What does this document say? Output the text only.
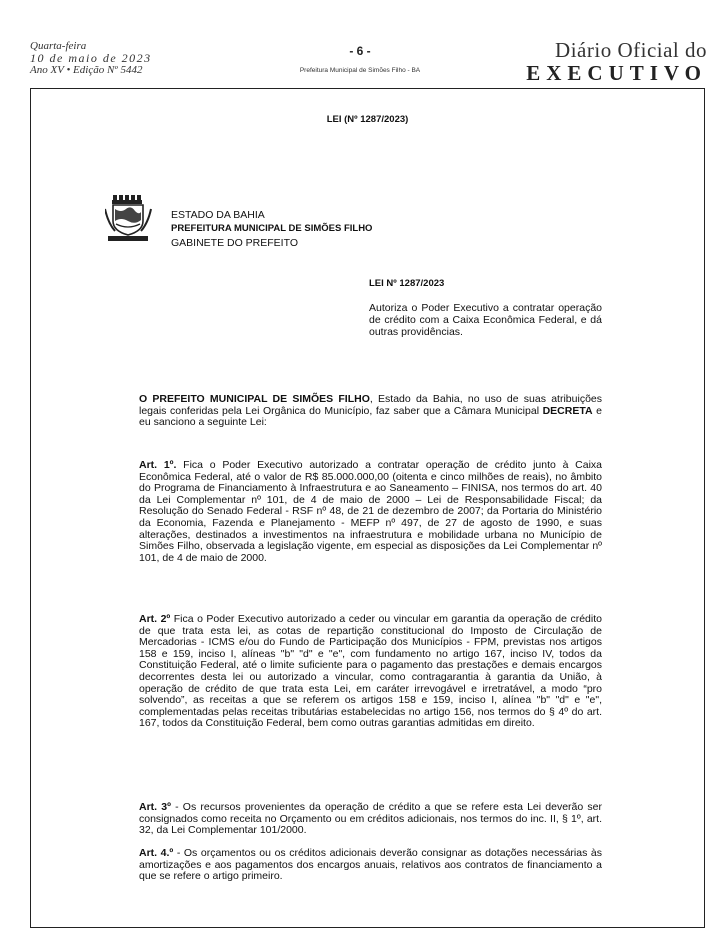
Quarta-feira
10 de maio de 2023
Ano XV • Edição Nº 5442
- 6 -
Prefeitura Municipal de Simões Filho - BA
Diário Oficial do
EXECUTIVO
LEI (Nº 1287/2023)
ESTADO DA BAHIA
PREFEITURA MUNICIPAL DE SIMÕES FILHO
GABINETE DO PREFEITO
LEI Nº 1287/2023
Autoriza o Poder Executivo a contratar operação de crédito com a Caixa Econômica Federal, e dá outras providências.

O PREFEITO MUNICIPAL DE SIMÕES FILHO, Estado da Bahia, no uso de suas atribuições legais conferidas pela Lei Orgânica do Município, faz saber que a Câmara Municipal DECRETA e eu sanciono a seguinte Lei:

Art. 1º. Fica o Poder Executivo autorizado a contratar operação de crédito junto à Caixa Econômica Federal, até o valor de R$ 85.000.000,00 (oitenta e cinco milhões de reais), no âmbito do Programa de Financiamento à Infraestrutura e ao Saneamento – FINISA, nos termos do art. 40 da Lei Complementar nº 101, de 4 de maio de 2000 – Lei de Responsabilidade Fiscal; da Resolução do Senado Federal - RSF nº 48, de 21 de dezembro de 2007; da Portaria do Ministério da Economia, Fazenda e Planejamento - MEFP nº 497, de 27 de agosto de 1990, e suas alterações, destinados a investimentos na infraestrutura e mobilidade urbana no Município de Simões Filho, observada a legislação vigente, em especial as disposições da Lei Complementar nº 101, de 4 de maio de 2000.

Art. 2º Fica o Poder Executivo autorizado a ceder ou vincular em garantia da operação de crédito de que trata esta lei, as cotas de repartição constitucional do Imposto de Circulação de Mercadorias - ICMS e/ou do Fundo de Participação dos Municípios - FPM, previstas nos artigos 158 e 159, inciso I, alíneas "b" "d" e "e", com fundamento no artigo 167, inciso IV, todos da Constituição Federal, até o limite suficiente para o pagamento das prestações e demais encargos decorrentes desta lei ou autorizado a vincular, como contragarantia à garantia da União, à operação de crédito de que trata esta Lei, em caráter irrevogável e irretratável, a modo “pro solvendo”, as receitas a que se referem os artigos 158 e 159, inciso I, alínea "b" "d" e "e", complementadas pelas receitas tributárias estabelecidas no artigo 156, nos termos do § 4º do art. 167, todos da Constituição Federal, bem como outras garantias admitidas em direito.

Art. 3º - Os recursos provenientes da operação de crédito a que se refere esta Lei deverão ser consignados como receita no Orçamento ou em créditos adicionais, nos termos do inc. II, § 1º, art. 32, da Lei Complementar 101/2000.

Art. 4.º - Os orçamentos ou os créditos adicionais deverão consignar as dotações necessárias às amortizações e aos pagamentos dos encargos anuais, relativos aos contratos de financiamento a que se refere o artigo primeiro.
